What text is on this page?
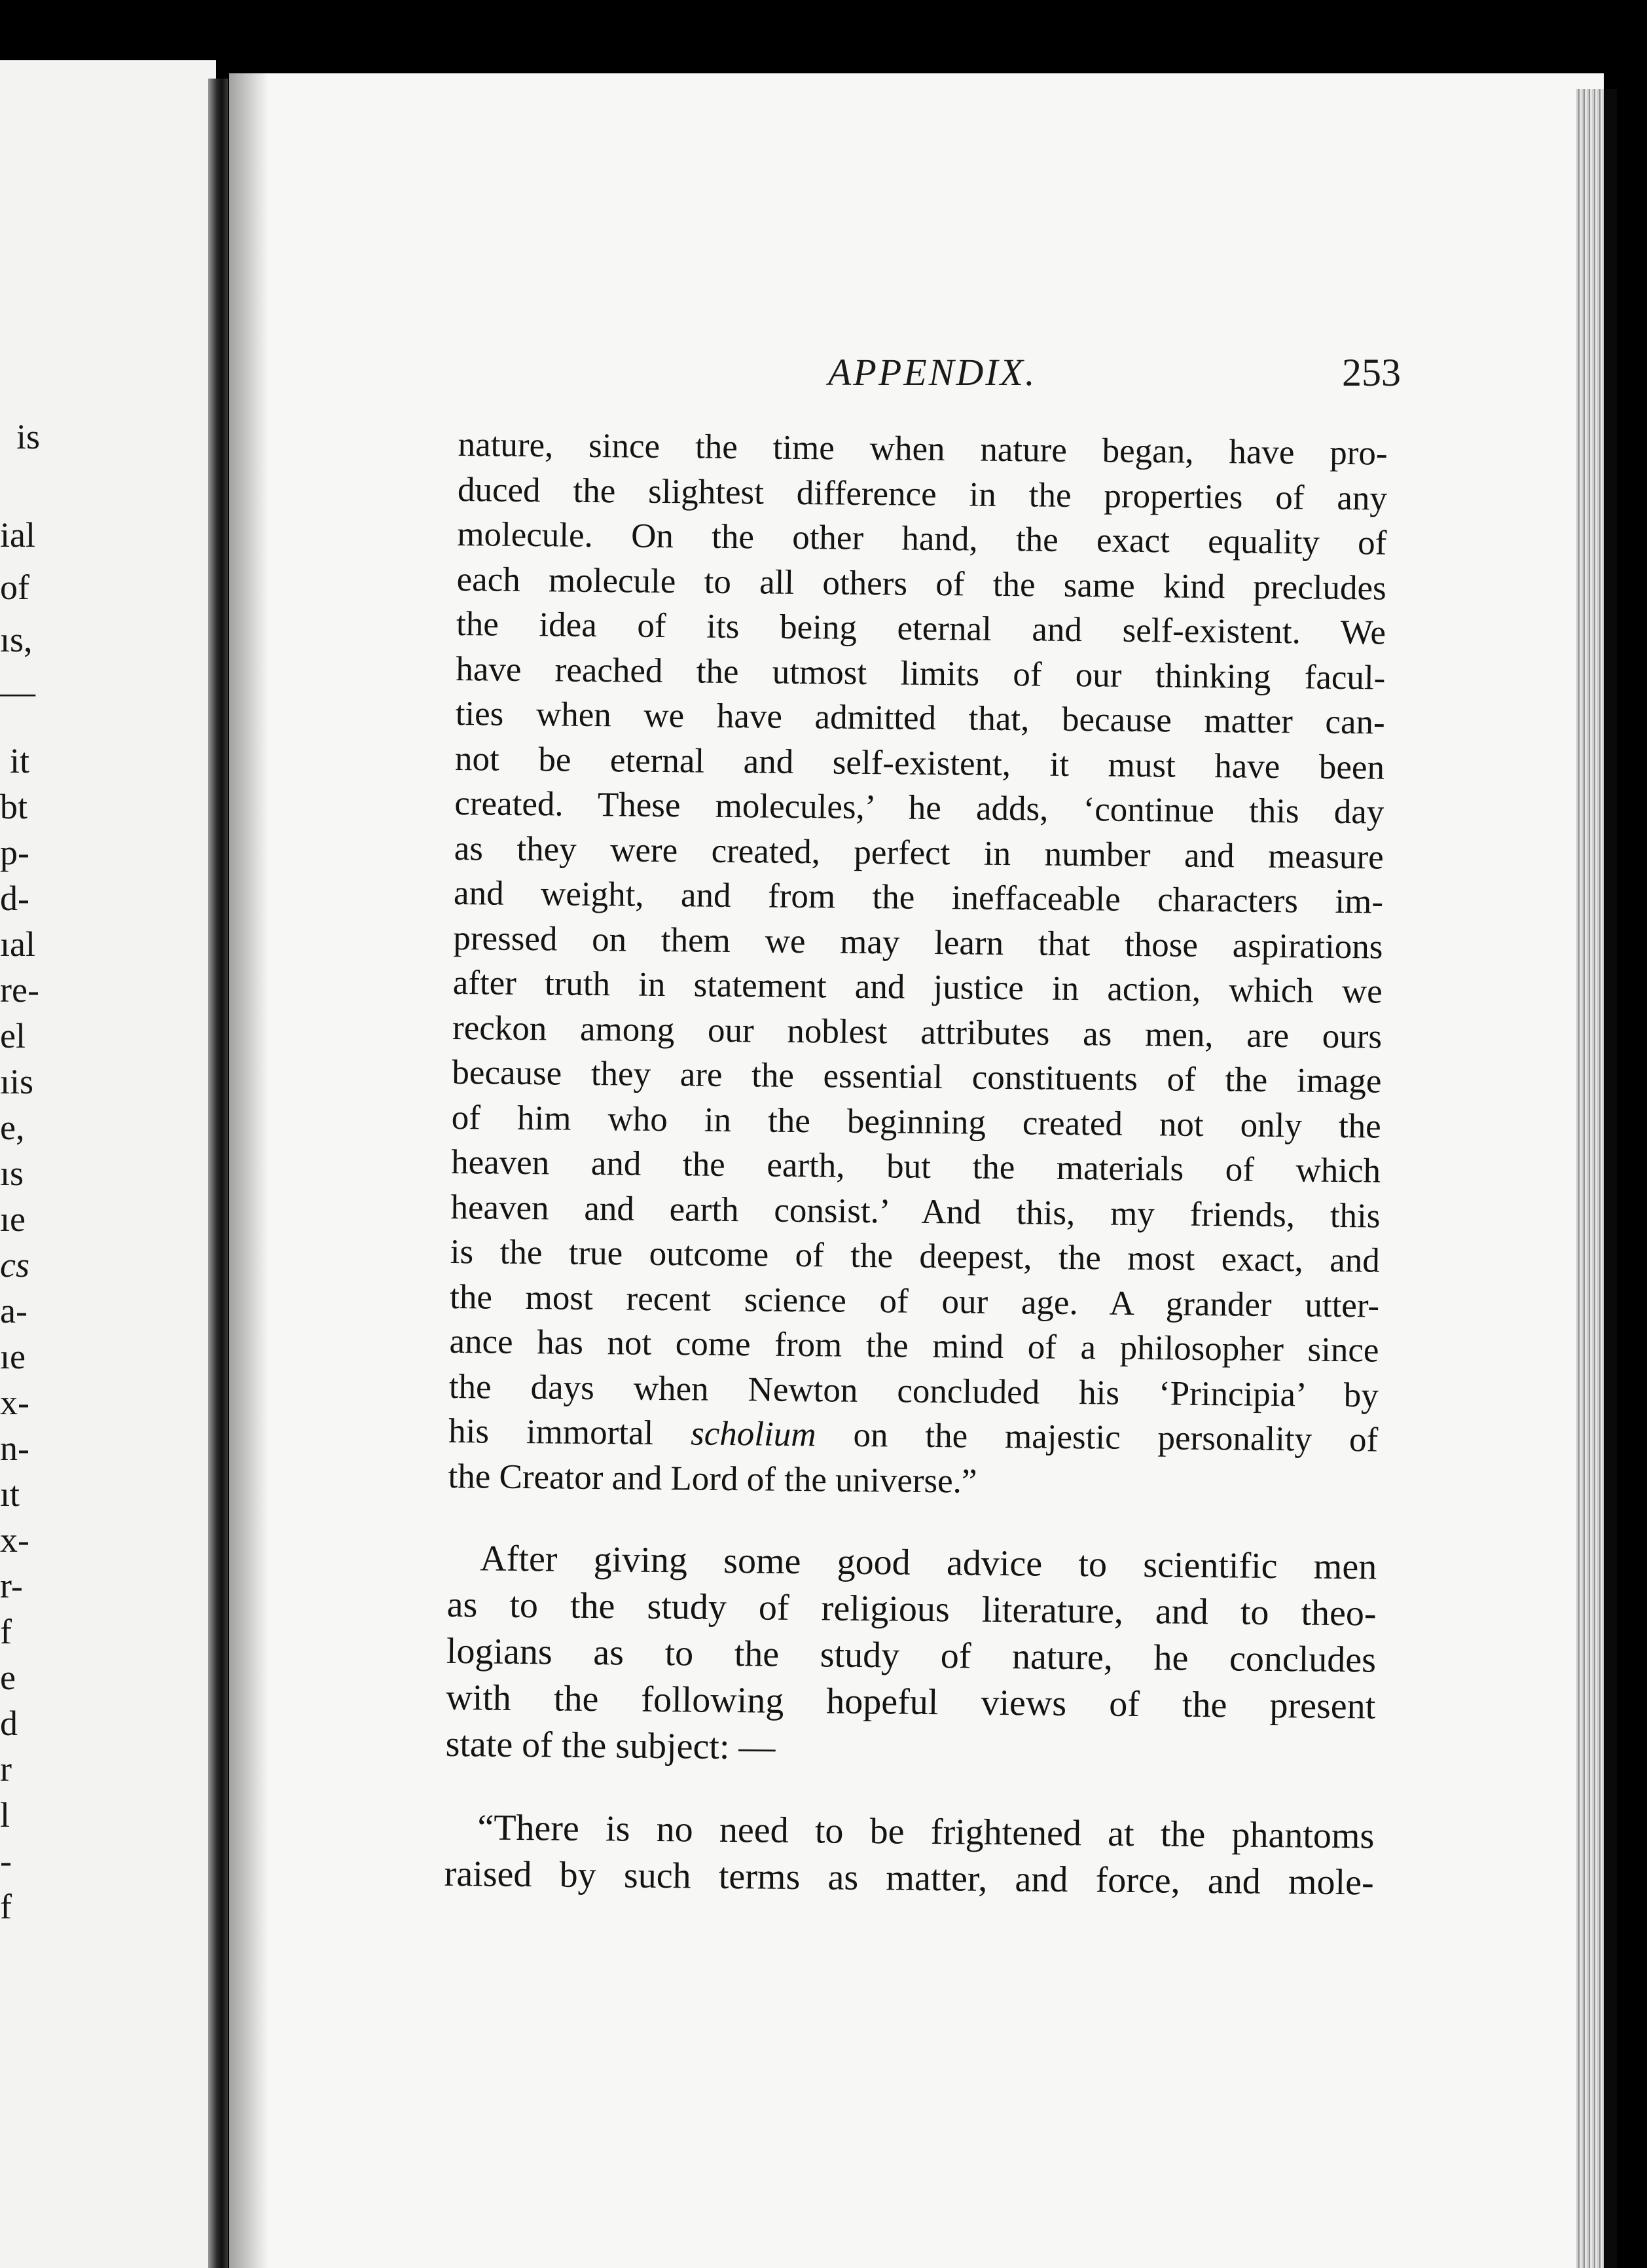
is
ial
of
ıs,
—
it
bt
p-
d-
ıal
re-
el
ıis
e,
ıs
ıe
cs
a-
ıe
x-
n-
ıt
x-
r-
f
e
d
r
l
-
f
APPENDIX.	253
nature, since the time when nature began, have pro-
duced the slightest difference in the properties of any
molecule. On the other hand, the exact equality of
each molecule to all others of the same kind precludes
the idea of its being eternal and self-existent. We
have reached the utmost limits of our thinking facul-
ties when we have admitted that, because matter can-
not be eternal and self-existent, it must have been
created. These molecules,’ he adds, ‘continue this day
as they were created, perfect in number and measure
and weight, and from the ineffaceable characters im-
pressed on them we may learn that those aspirations
after truth in statement and justice in action, which we
reckon among our noblest attributes as men, are ours
because they are the essential constituents of the image
of him who in the beginning created not only the
heaven and the earth, but the materials of which
heaven and earth consist.’ And this, my friends, this
is the true outcome of the deepest, the most exact, and
the most recent science of our age. A grander utter-
ance has not come from the mind of a philosopher since
the days when Newton concluded his ‘Principia’ by
his immortal scholium on the majestic personality of
the Creator and Lord of the universe.”
After giving some good advice to scientific men
as to the study of religious literature, and to theo-
logians as to the study of nature, he concludes
with the following hopeful views of the present
state of the subject: —
“There is no need to be frightened at the phantoms
raised by such terms as matter, and force, and mole-
